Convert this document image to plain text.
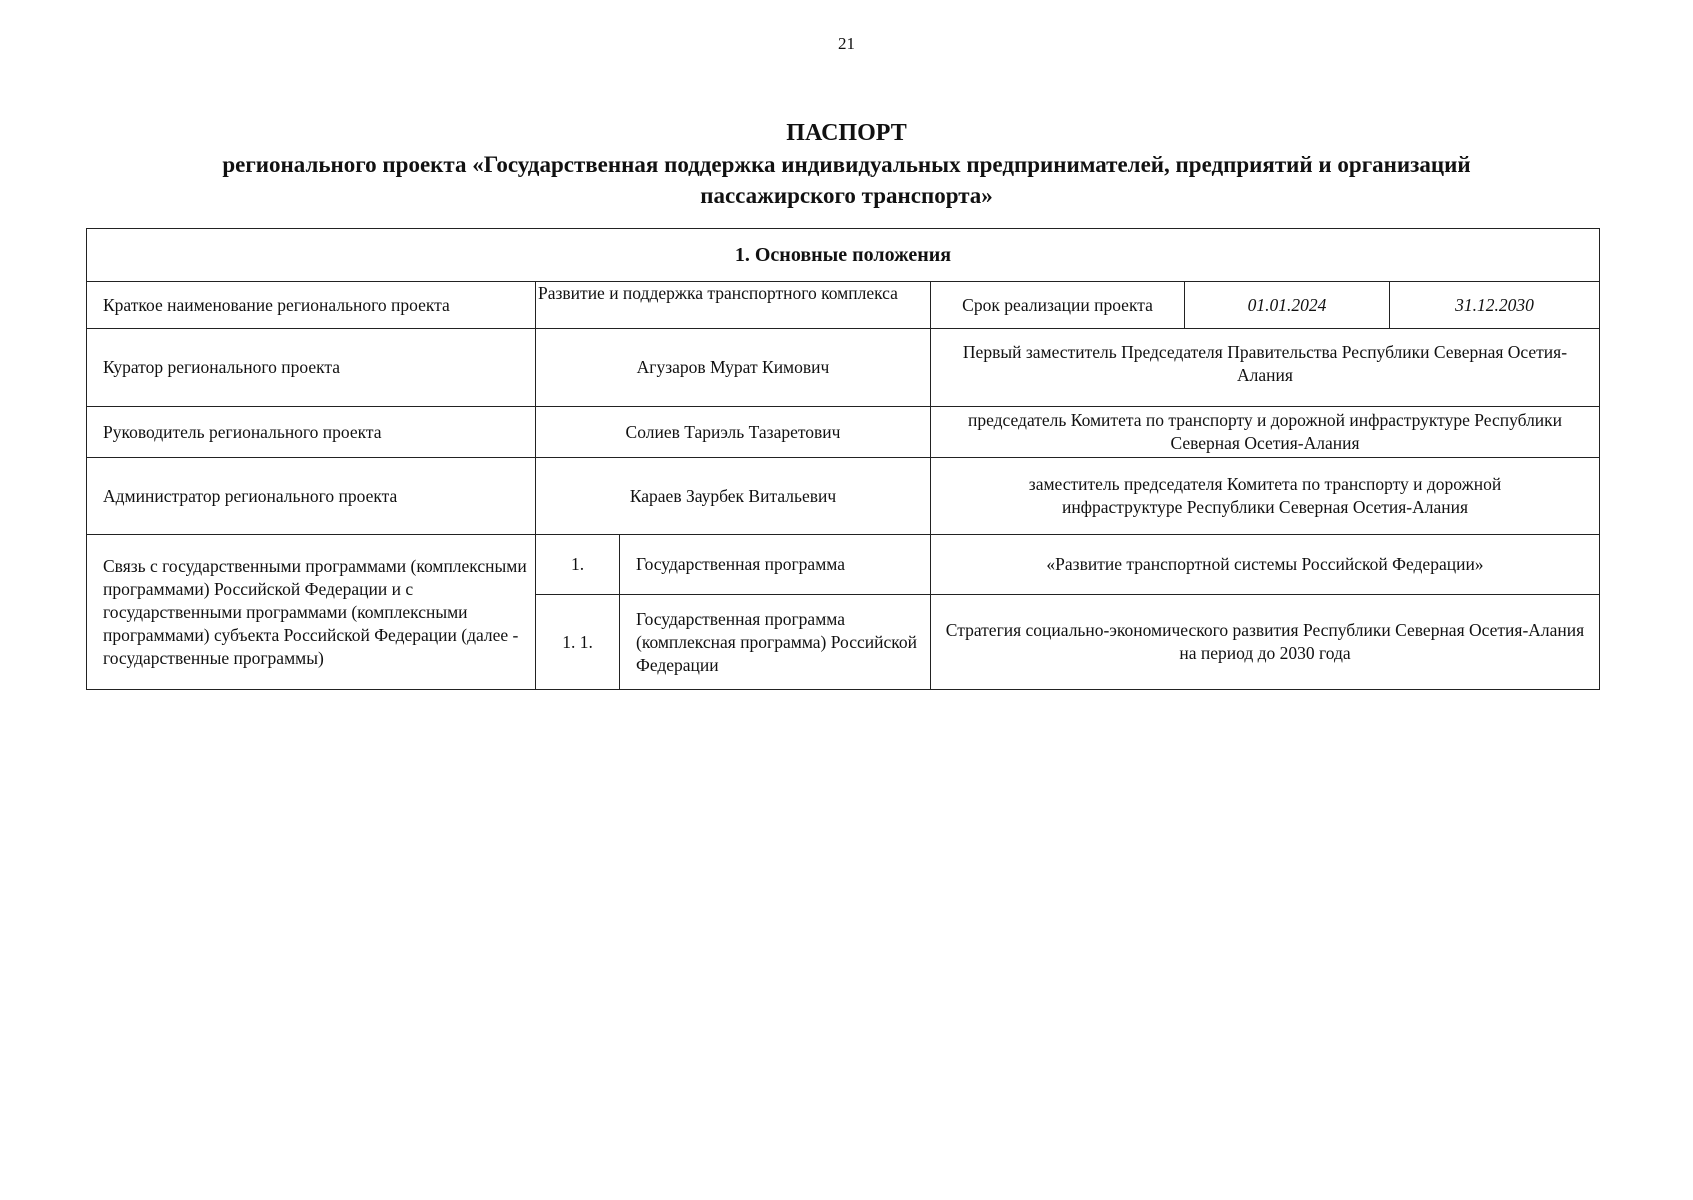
21
ПАСПОРТ
регионального проекта «Государственная поддержка индивидуальных предпринимателей, предприятий и организаций
пассажирского транспорта»
1. Основные положения					
Краткое наименование регионального проекта	Развитие и поддержка транспортного комплекса		Срок реализации проекта	01.01.2024	31.12.2030
Куратор регионального проекта	Агузаров Мурат Кимович		Первый заместитель Председателя Правительства Республики Северная Осетия-Алания		
Руководитель регионального проекта	Солиев Тариэль Тазаретович		председатель Комитета по транспорту и дорожной инфраструктуре Республики Северная Осетия-Алания		
Администратор регионального проекта	Караев Заурбек Витальевич		заместитель председателя Комитета по транспорту и дорожной инфраструктуре Республики Северная Осетия-Алания		
Связь с государственными программами (комплексными программами) Российской Федерации и с государственными программами (комплексными программами) субъекта Российской Федерации (далее - государственные программы)	1.	Государственная программа	«Развитие транспортной системы Российской Федерации»		
	1. 1.	Государственная программа (комплексная программа) Российской Федерации	Стратегия социально-экономического развития Республики Северная Осетия-Алания на период до 2030 года		
